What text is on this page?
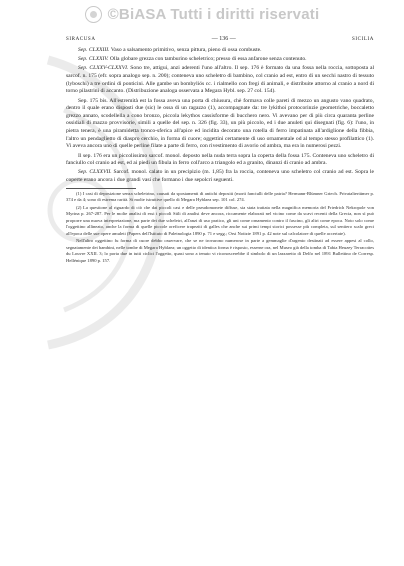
©BiASA Tutti i diritti riservati
SIRACUSA	— 136 —	SICILIA

Sep. CLXXIII. Vaso a salsamento primitivo, senza pittura, pieno di ossa combuste.

Sep. CLXXIV. Olla globare grezza con tamburino scheletrico; presso di essa anfarone senza contenuto.

Sep. CLXXV-CLXXVI. Sono tre, attigui, anzi aderenti l'uno all'altro. Il sep. 176 è formato da una fossa nella roccia, sottoposta al sarcof. n. 175 (efr. sopra analogo sep. n. 200); conteneva uno scheletro di bambino, col cranio ad est, entro di un secchi nastro di tessuto (lyboschi) a tre ordini di ponticini. Alle gambe un bombyliós cc. i rialmello con fregi di animali, e distribuite attorno al cranio a nord di torno pilastrini di accanto. (Distribuzione analoga osservata a Megara Hybl. sep. 27 col. 154).

Sep. 175 bis. All'estremità est la fossa aveva una porta di chiusura, chè formava colle pareti di mezzo un angusto vano quadrato, dentro il quale erano disposti due (sic) le ossa di un ragazzo (1), accompagnate da: tre lykithoi protocorinzie geometriche, boccaletto grezzo annato, scodellella a cono bronzo, piccola lekythos cassisforme di bucchero nero. Vi avevano per di più circa quaranta perline ossidiali di mazzo provvisorie, simili a quelle del sep. n. 326 (fig. 33), un più piccolo, ed i due anuleti qui disegnati (fig. 6): l'uno, in pietra tenera, è una piramidetta tronco-sferica all'apice ed incidita decorato una rotella di ferro impatinata all'ardiglione della fibbia, l'altro un pendaglietto di diaspro cerchio, in forma di cuore; oggettini certamente di uso ornamentale od al tempo stesso profilattico (1). Vi aveva ancora uno di quelle perline filate a parte di ferro, con rivestimento di avorio od ambra, ma era in numerosi pezzi.

Il sep. 176 era un piccolissimo sarcof. monol. deposto nella nuda terra sopra la coperta della fossa 175. Conteneva uno scheletro di fanciullo col cranio ad est, ed ai piedi un fibula in ferro coll'arco a triangolo ed a granito, dinanzi di cranio ad ambra.

Sep. CLXXVII. Sarcof. monol. calato in un precipizio (m. 1,85) fra la roccia, conteneva uno scheletro col cranio ad est. Sopra le coperte erano ancora i due grandi vasi che formano i due sepolcri seguenti.

(1) I casi di deposizione senza scheletrino, causati da spostamenti di antichi depositi (morti fanciulli delle patria? Hermann-Blümner Griech. Privataltertümer p. 374 e da 4; sono di estrema rarità. Si molte istruttive quello di Megara Hyblaea sep. 101 col. 274.

(2) La questione al riguardo di ciò che dai piccoli casi e delle pseudomonete diffuse, sia stata trattata nella magnifica memoria del Friedrich Nekropole von Myrina p. 267-287. Per le molte analisi di essi i piccoli Stili di analisi deve ancora, riccamente elaborati nel vicino come da scavi recenti della Grecia, non sì può proporre una nuova interpretazione, ma parte dei due scheletri, all'anzi di uso pratico, gli uni come ornamento contro il fascino, gli altri come epoca. Noto solo come l'oggettino allineato, anche la forma di quelle piccole oreficere trapeziti di galles che anche sui primi tempi storici possesse più completa, sul sentiero scalo greci all'epoca delle sue opere amuleti (Papers dell'Istituto di Paletnologia 1890 p. 71 e segg.; Orsi Notizie 1891 p. 42 note sul calcolatore di quelle accertate).

Nell'altro oggettino fu forma di cuore debbo osservare, che se ne trovarono numerose in parte a gemmaglie d'argento destinati ad essere appesi al collo, segnatamente dei bambini, nelle tombe di Megara Hyblaea; un oggetto di identica forma è risposto, esserne ora, nel Museo già della tomba di Tabia Heuzey Terracottes du Louvre XXII. 3; lo porta due in tutti ciclici l'oggetto, quasi sono a tenuto vi riconoscerebbe il simbolo di un lazzaretto di Delfo nel 1891 Bullettino de Corresp. Hellénique 1890 p. 157.
